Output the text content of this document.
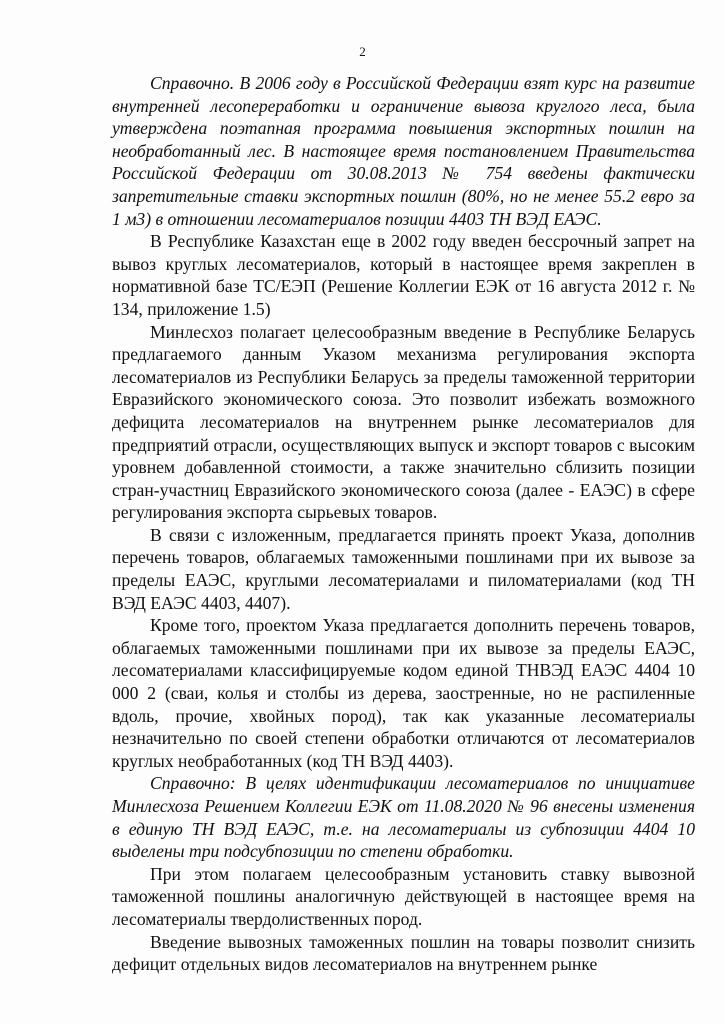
2

Справочно. В 2006 году в Российской Федерации взят курс на развитие внутренней лесопереработки и ограничение вывоза круглого леса, была утверждена поэтапная программа повышения экспортных пошлин на необработанный лес. В настоящее время постановлением Правительства Российской Федерации от 30.08.2013 № 754 введены фактически запретительные ставки экспортных пошлин (80%, но не менее 55.2 евро за 1 м3) в отношении лесоматериалов позиции 4403 ТН ВЭД ЕАЭС.

В Республике Казахстан еще в 2002 году введен бессрочный запрет на вывоз круглых лесоматериалов, который в настоящее время закреплен в нормативной базе ТС/ЕЭП (Решение Коллегии ЕЭК от 16 августа 2012 г. № 134, приложение 1.5)

Минлесхоз полагает целесообразным введение в Республике Беларусь предлагаемого данным Указом механизма регулирования экспорта лесоматериалов из Республики Беларусь за пределы таможенной территории Евразийского экономического союза. Это позволит избежать возможного дефицита лесоматериалов на внутреннем рынке лесоматериалов для предприятий отрасли, осуществляющих выпуск и экспорт товаров с высоким уровнем добавленной стоимости, а также значительно сблизить позиции стран-участниц Евразийского экономического союза (далее - ЕАЭС) в сфере регулирования экспорта сырьевых товаров.

В связи с изложенным, предлагается принять проект Указа, дополнив перечень товаров, облагаемых таможенными пошлинами при их вывозе за пределы ЕАЭС, круглыми лесоматериалами и пиломатериалами (код ТН ВЭД ЕАЭС 4403, 4407).

Кроме того, проектом Указа предлагается дополнить перечень товаров, облагаемых таможенными пошлинами при их вывозе за пределы ЕАЭС, лесоматериалами классифицируемые кодом единой ТНВЭД ЕАЭС 4404 10 000 2 (сваи, колья и столбы из дерева, заостренные, но не распиленные вдоль, прочие, хвойных пород), так как указанные лесоматериалы незначительно по своей степени обработки отличаются от лесоматериалов круглых необработанных (код ТН ВЭД 4403).

Справочно: В целях идентификации лесоматериалов по инициативе Минлесхоза Решением Коллегии ЕЭК от 11.08.2020 № 96 внесены изменения в единую ТН ВЭД ЕАЭС, т.е. на лесоматериалы из субпозиции 4404 10 выделены три подсубпозиции по степени обработки.

При этом полагаем целесообразным установить ставку вывозной таможенной пошлины аналогичную действующей в настоящее время на лесоматериалы твердолиственных пород.

Введение вывозных таможенных пошлин на товары позволит снизить дефицит отдельных видов лесоматериалов на внутреннем рынке
